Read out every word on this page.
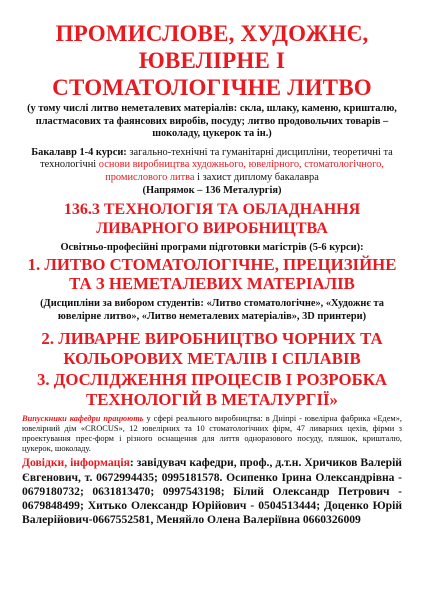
ПРОМИСЛОВЕ, ХУДОЖНЄ,
ЮВЕЛІРНЕ І
СТОМАТОЛОГІЧНЕ ЛИТВО
(у тому числі литво неметалевих матеріалів: скла, шлаку, каменю, кришталю, пластмасових та фаянсових виробів, посуду; литво продовольчих товарів – шоколаду, цукерок та ін.)
Бакалавр 1-4 курси: загально-технічні та гуманітарні дисципліни, теоретичні та технологічні основи виробництва художнього, ювелірного, стоматологічного, промислового литва і захист диплому бакалавра
(Напрямок – 136 Металургія)
136.3 ТЕХНОЛОГІЯ ТА ОБЛАДНАННЯ
ЛИВАРНОГО ВИРОБНИЦТВА
Освітньо-професійні програми підготовки магістрів (5-6 курси):
1. ЛИТВО СТОМАТОЛОГІЧНЕ, ПРЕЦИЗІЙНЕ
ТА З НЕМЕТАЛЕВИХ МАТЕРІАЛІВ
(Дисципліни за вибором студентів: «Литво стоматологічне», «Художнє та ювелірне литво», «Литво неметалевих матеріалів», 3D принтери)
2. ЛИВАРНЕ ВИРОБНИЦТВО ЧОРНИХ ТА
КОЛЬОРОВИХ МЕТАЛІВ І СПЛАВІВ
3. ДОСЛІДЖЕННЯ ПРОЦЕСІВ І РОЗРОБКА
ТЕХНОЛОГІЙ В МЕТАЛУРГІЇ»
Випускники кафедри працюють у сфері реального виробництва: в Дніпрі - ювелірна фабрика «Едем», ювелірний дім «CROCUS», 12 ювелірних та 10 стоматологічних фірм, 47 ливарних цехів, фірми з проектування прес-форм і різного оснащення для лиття одноразового посуду, пляшок, кришталю, цукерок, шоколаду.
Довідки, інформація: завідувач кафедри, проф., д.т.н. Хричиков Валерій Євгенович, т. 0672994435; 0995181578. Осипенко Ірина Олександрівна - 0679180732; 0631813470; 0997543198; Білий Олександр Петрович - 0679848499; Хитько Олександр Юрійович - 0504513444; Доценко Юрій Валерійович-0667552581, Меняйло Олена Валеріївна 0660326009
